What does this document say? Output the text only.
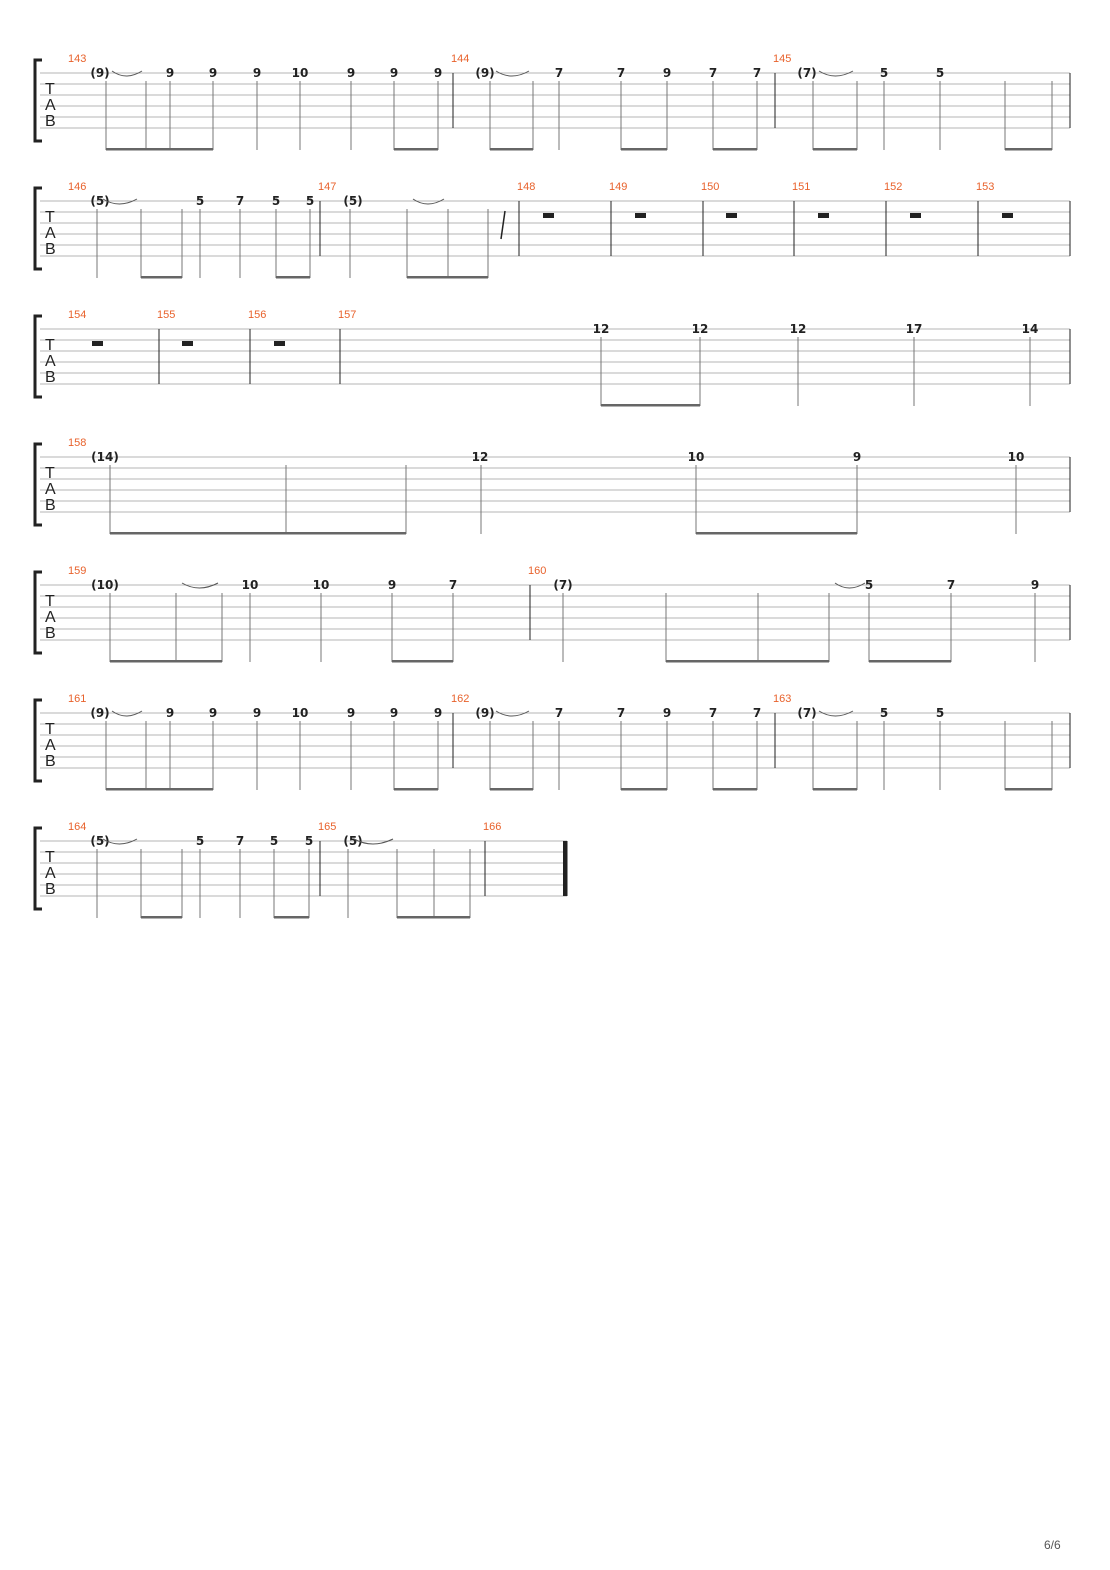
T
A
B
143
(9)	9	9	9	10	9	9	9
144
(9)	7	7	9	7	7
145
(7)	5	5
T
A
B
146
(5)	5	7 5 5
147
(5)
148	149	150	151	152	153
T
A
B
154	155	156	157
12	12	12	17	14
T
A
B
158
(14)	12	10	9	10
T
A
B
159
(10)	10	10	9	7
160
(7)	5	7	9
T
A
B
161
(9)	9	9	9	10	9	9	9
162
(9)	7	7	9	7	7
163
(7)	5	5
T
A
B
164
(5)	5	7 5 5
165
(5)
166
6/6
